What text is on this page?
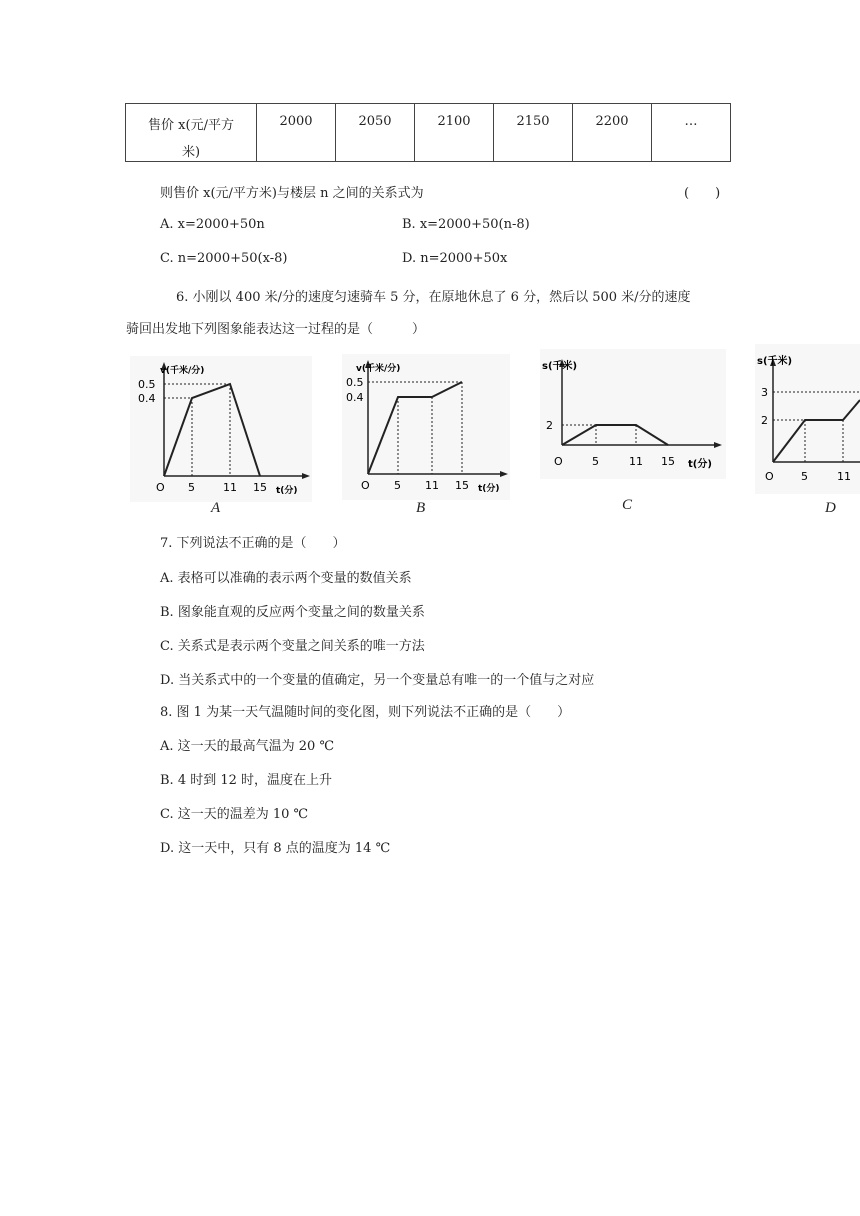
售价 x(元/平方
米)
	2000	2050	2100	2150	2200	…
则售价 x(元/平方米)与楼层 n 之间的关系式为	(　　)
A. x=2000+50n	B. x=2000+50(n-8)
C. n=2000+50(x-8)	D. n=2000+50x
6. 小刚以 400 米/分的速度匀速骑车 5 分，在原地休息了 6 分，然后以 500 米/分的速度
骑回出发地下列图象能表达这一过程的是（　　　）
v(千米/分)
0.5
0.4
O 5	11 15 t(分)
A
v(千米/分)
0.5
0.4
O 5 11 15 t(分)
B
s(千米)
2
O	5	11 15 t(分)
C
s(千米)
3
2
O 5	11
D
7. 下列说法不正确的是（　　）
A. 表格可以准确的表示两个变量的数值关系
B. 图象能直观的反应两个变量之间的数量关系
C. 关系式是表示两个变量之间关系的唯一方法
D. 当关系式中的一个变量的值确定，另一个变量总有唯一的一个值与之对应
8. 图 1 为某一天气温随时间的变化图，则下列说法不正确的是（　　）
A. 这一天的最高气温为 20 ℃
B. 4 时到 12 时，温度在上升
C. 这一天的温差为 10 ℃
D. 这一天中，只有 8 点的温度为 14 ℃
